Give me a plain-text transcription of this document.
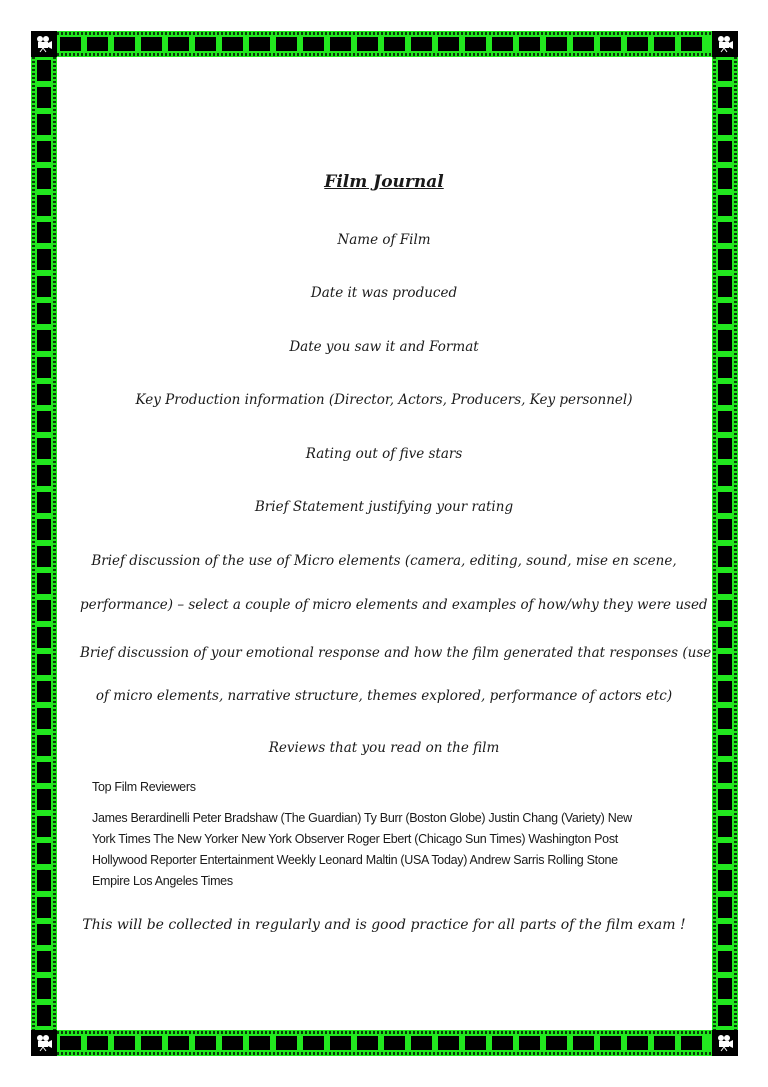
Film Journal
Name of Film
Date it was produced
Date you saw it and Format
Key Production information (Director, Actors, Producers, Key personnel)
Rating out of five stars
Brief Statement justifying your rating
Brief discussion of the use of Micro elements (camera, editing, sound, mise en scene,
performance) – select a couple of micro elements and examples of how/why they were used
Brief discussion of your emotional response and how the film generated that responses (use
of micro elements, narrative structure, themes explored, performance of actors etc)
Reviews that you read on the film
Top Film Reviewers
James Berardinelli Peter Bradshaw (The Guardian) Ty Burr (Boston Globe) Justin Chang (Variety) New
York Times The New Yorker New York Observer Roger Ebert (Chicago Sun Times) Washington Post
Hollywood Reporter Entertainment Weekly Leonard Maltin (USA Today) Andrew Sarris Rolling Stone
Empire Los Angeles Times
This will be collected in regularly and is good practice for all parts of the film exam !
